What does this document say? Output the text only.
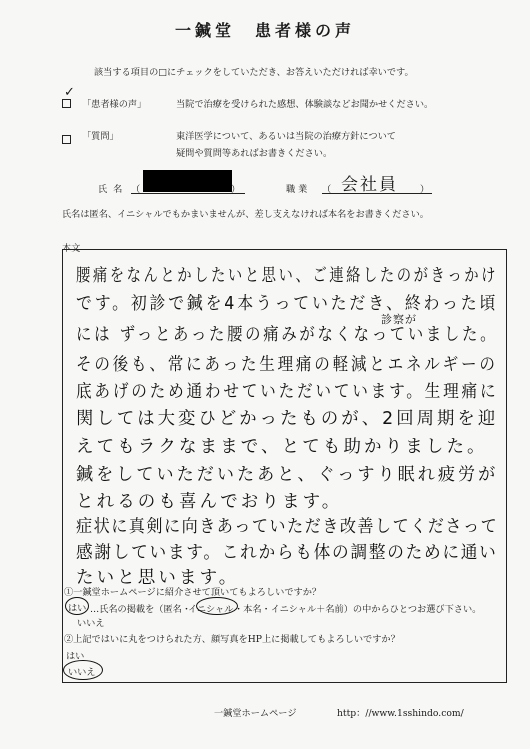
一鍼堂　患者様の声
該当する項目の□にチェックをしていただき、お答えいただければ幸いです。
✓
「患者様の声」	当院で治療を受けられた感想、体験談などお聞かせください。
「質問」	東洋医学について、あるいは当院の治療方針について
疑問や質問等あればお書きください。
氏名 （	）	職業 （ 会社員 ）
氏名は匿名、イニシャルでもかまいませんが、差し支えなければ本名をお書きください。
本文
腰痛をなんとかしたいと思い、ご連絡したのがきっかけ
です。初診で鍼を4本うっていただき、終わった頃
診察が
には ずっとあった腰の痛みがなくなっていました。
その後も、常にあった生理痛の軽減とエネルギーの
底あげのため通わせていただいています。生理痛に
関しては大変ひどかったものが、2回周期を迎
えてもラクなままで、とても助かりました。
鍼をしていただいたあと、ぐっすり眠れ疲労が
とれるのも喜んでおります。
症状に真剣に向きあっていただき改善してくださって
感謝しています。これからも体の調整のために通い
たいと思います。
①一鍼堂ホームページに紹介させて頂いてもよろしいですか？
はい …氏名の掲載を（匿名・
イニシャル ・本名・イニシャル＋名前）の中からひとつお選び下さい。
いいえ
②上記ではいに丸をつけられた方、顔写真をHP上に掲載してもよろしいですか？
はい
いいえ
一鍼堂ホームページ	http：//www.1sshindo.com/
